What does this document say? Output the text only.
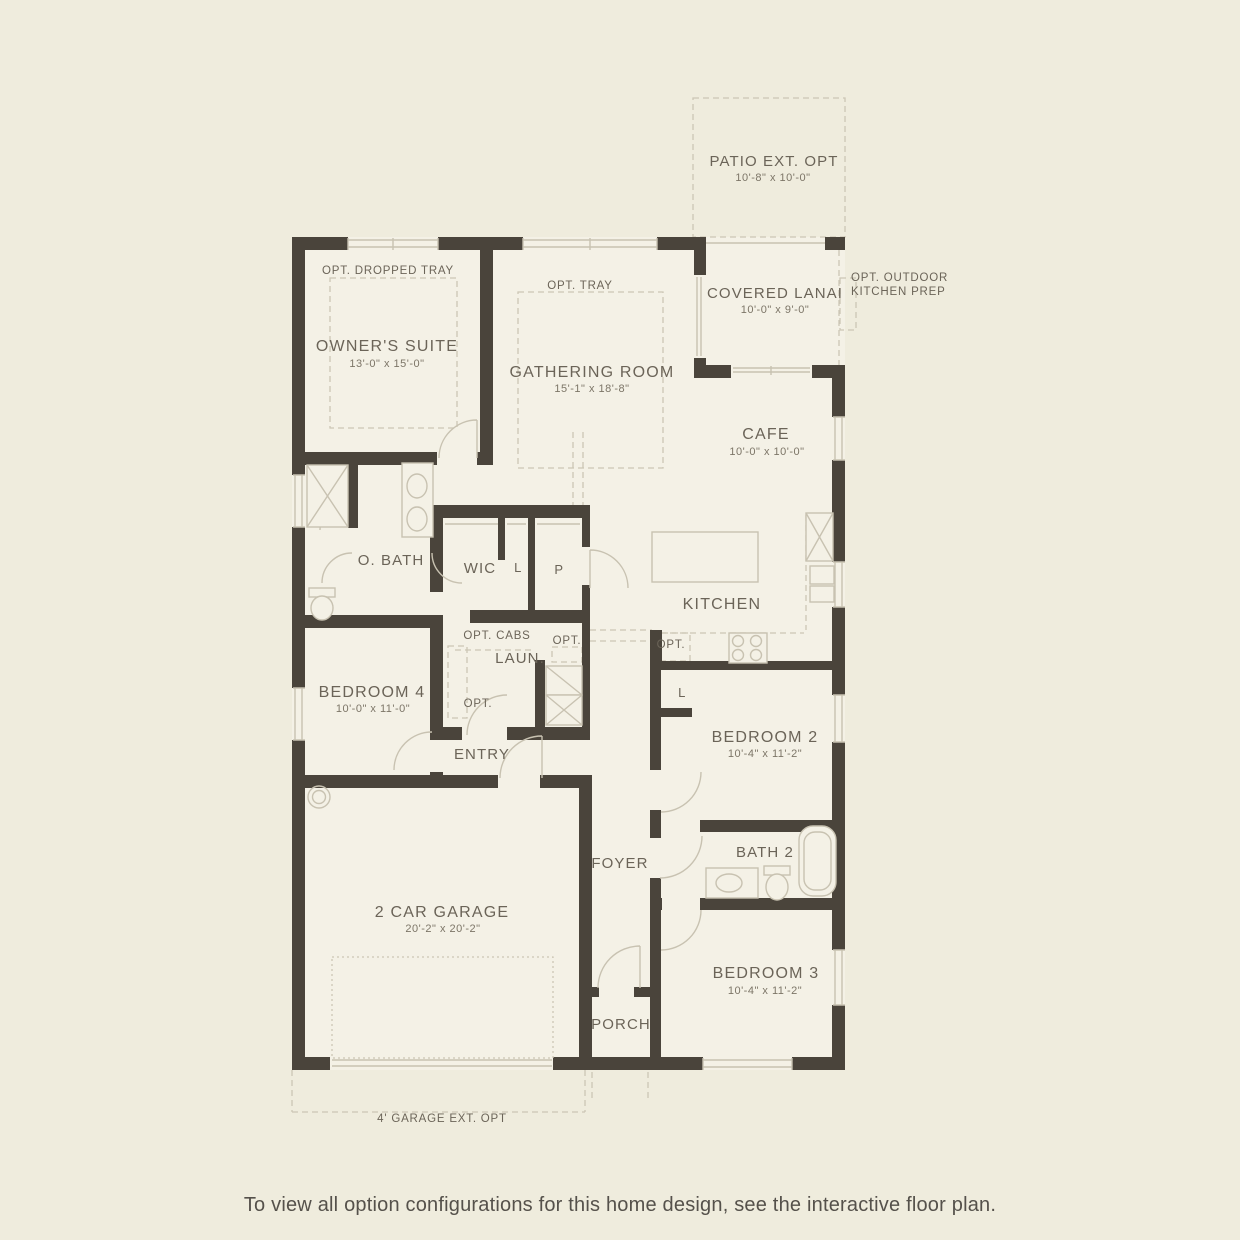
PATIO EXT. OPT
10'-8" x 10'-0"
COVERED LANAI
10'-0" x 9'-0"
OPT. OUTDOOR
KITCHEN PREP
OPT. DROPPED TRAY
OWNER'S SUITE
13'-0" x 15'-0"
OPT. TRAY
GATHERING ROOM
15'-1" x 18'-8"
CAFE
10'-0" x 10'-0"
KITCHEN
O. BATH	WIC L	P
OPT. CABS OPT.
LAUN.
OPT.
OPT.
BEDROOM 4
10'-0" x 11'-0"
ENTRY
L
BEDROOM 2
10'-4" x 11'-2"
FOYER
BATH 2
2 CAR GARAGE
20'-2" x 20'-2"
BEDROOM 3
10'-4" x 11'-2"
PORCH
4' GARAGE EXT. OPT
To view all option configurations for this home design, see the interactive floor plan.
